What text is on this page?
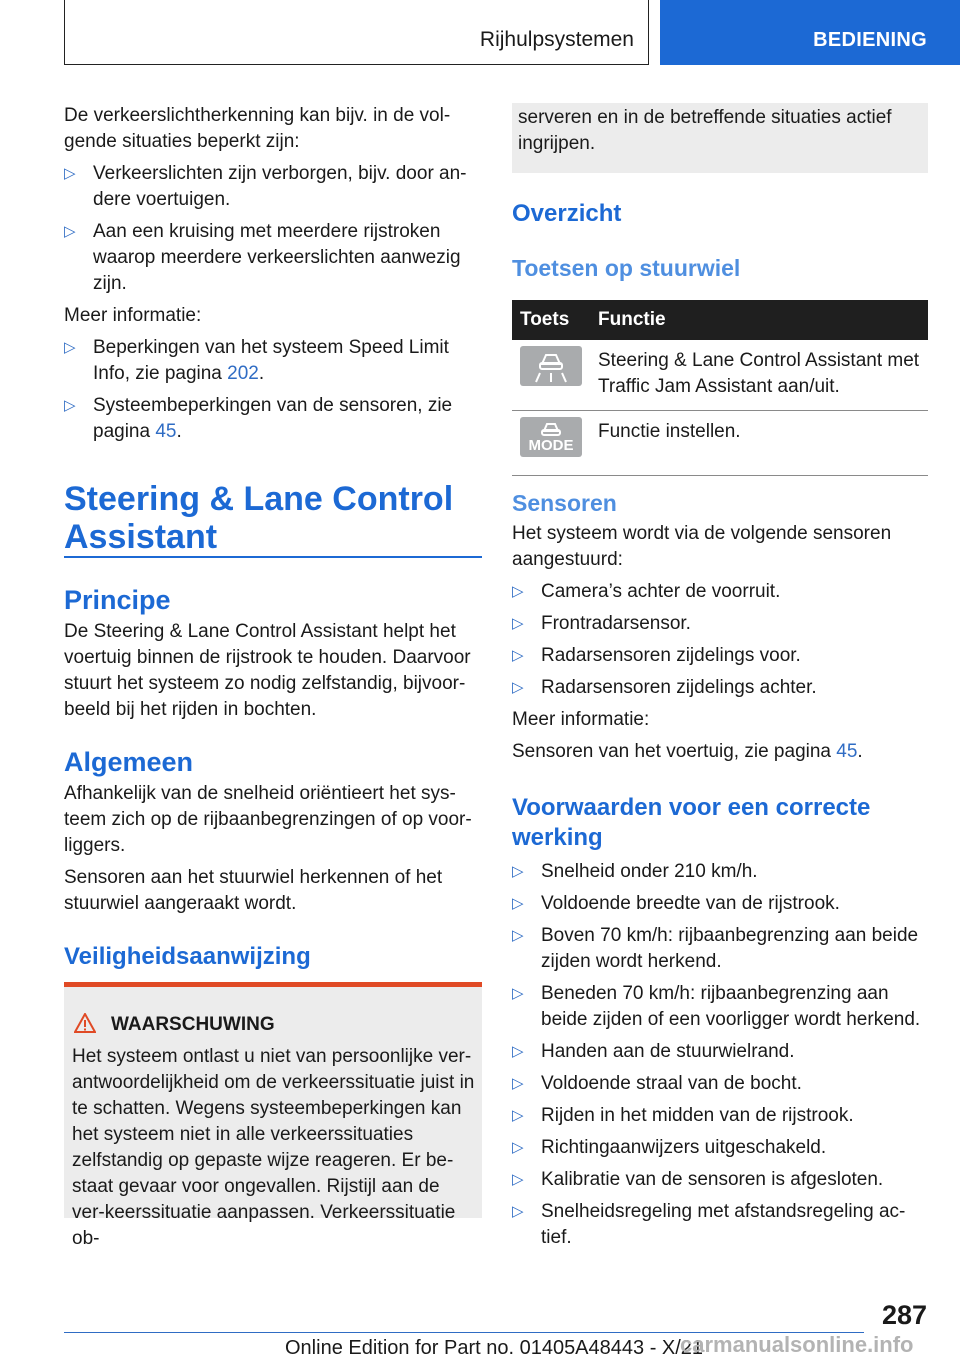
Rijhulpsystemen	BEDIENING

De verkeerslichtherkenning kan bijv. in de vol-gende situaties beperkt zijn:

▷ Verkeerslichten zijn verborgen, bijv. door an-dere voertuigen.
▷ Aan een kruising met meerdere rijstroken waarop meerdere verkeerslichten aanwezig zijn.

Meer informatie:

▷ Beperkingen van het systeem Speed Limit Info, zie pagina 202.
▷ Systeembeperkingen van de sensoren, zie pagina 45.
Steering & Lane Control Assistant
Principe

De Steering & Lane Control Assistant helpt het voertuig binnen de rijstrook te houden. Daarvoor stuurt het systeem zo nodig zelfstandig, bijvoor-beeld bij het rijden in bochten.

Algemeen

Afhankelijk van de snelheid oriëntieert het sys-teem zich op de rijbaanbegrenzingen of op voor-liggers.

Sensoren aan het stuurwiel herkennen of het stuurwiel aangeraakt wordt.

Veiligheidsaanwijzing
WAARSCHUWING
Het systeem ontlast u niet van persoonlijke ver-antwoordelijkheid om de verkeerssituatie juist in te schatten. Wegens systeembeperkingen kan het systeem niet in alle verkeerssituaties zelfstandig op gepaste wijze reageren. Er be-staat gevaar voor ongevallen. Rijstijl aan de ver-keerssituatie aanpassen. Verkeerssituatie ob-
serveren en in de betreffende situaties actief ingrijpen.
Overzicht
Toetsen op stuurwiel
Toets	Functie

	Steering & Lane Control Assistant met Traffic Jam Assistant aan/uit.

MODE	Functie instellen.
Sensoren

Het systeem wordt via de volgende sensoren aangestuurd:

▷ Camera’s achter de voorruit.
▷ Frontradarsensor.
▷ Radarsensoren zijdelings voor.
▷ Radarsensoren zijdelings achter.

Meer informatie:

Sensoren van het voertuig, zie pagina 45.

Voorwaarden voor een correcte werking
▷ Snelheid onder 210 km/h.
▷ Voldoende breedte van de rijstrook.
▷ Boven 70 km/h: rijbaanbegrenzing aan beide zijden wordt herkend.
▷ Beneden 70 km/h: rijbaanbegrenzing aan beide zijden of een voorligger wordt herkend.
▷ Handen aan de stuurwielrand.
▷ Voldoende straal van de bocht.
▷ Rijden in het midden van de rijstrook.
▷ Richtingaanwijzers uitgeschakeld.
▷ Kalibratie van de sensoren is afgesloten.
▷ Snelheidsregeling met afstandsregeling ac-tief.
287
Online Edition for Part no. 01405A48443 - X/21
carmanualsonline.info
